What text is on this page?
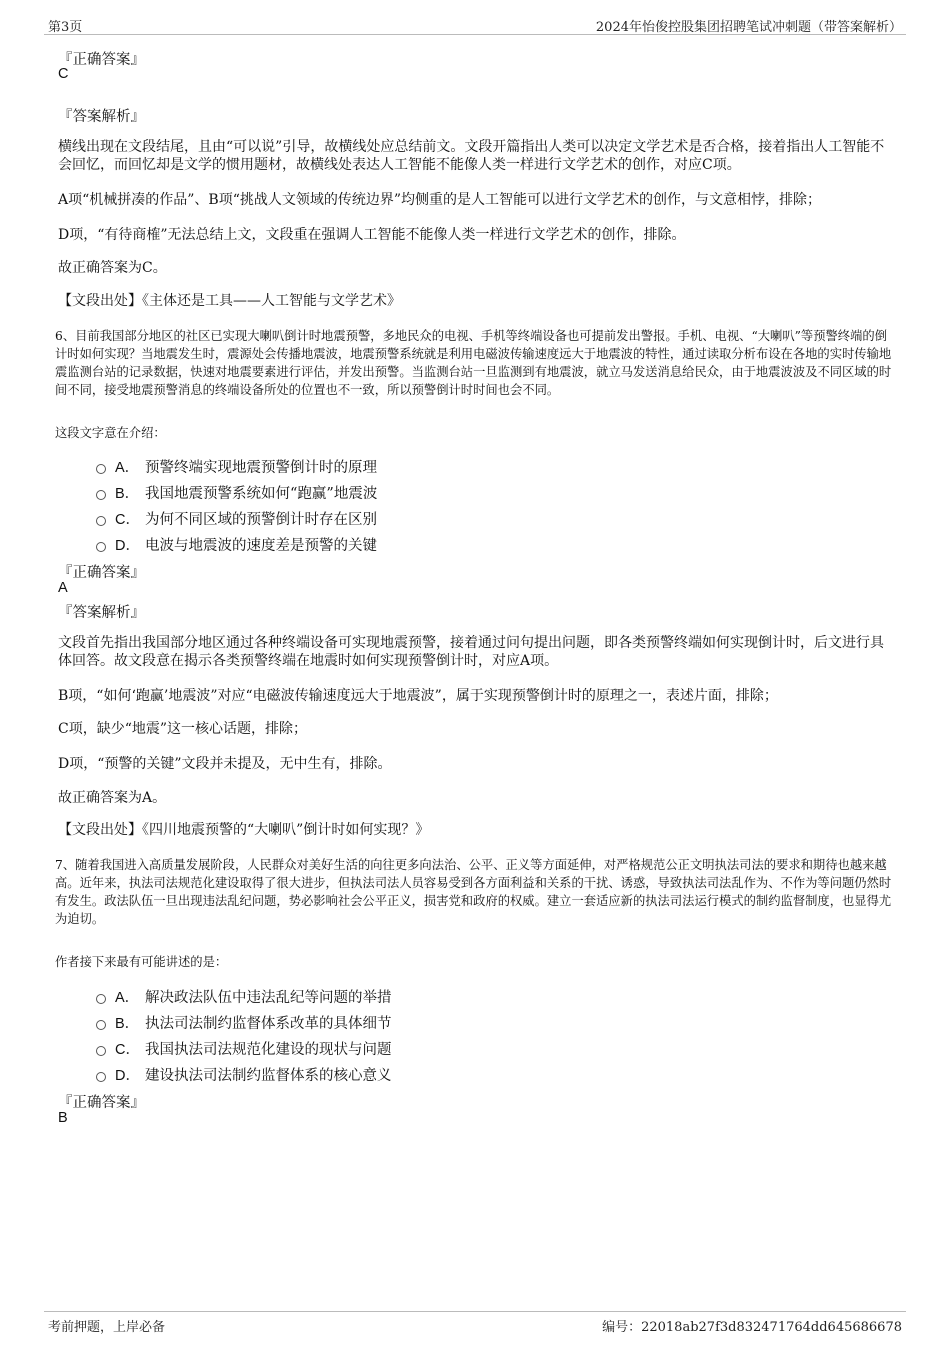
第3页	2024年怡俊控股集团招聘笔试冲刺题（带答案解析）
『正确答案』
C
『答案解析』
横线出现在文段结尾，且由“可以说”引导，故横线处应总结前文。文段开篇指出人类可以决定文学艺术是否合格，接着指出人工智能不会回忆，而回忆却是文学的惯用题材，故横线处表达人工智能不能像人类一样进行文学艺术的创作，对应C项。
A项“机械拼凑的作品”、B项“挑战人文领域的传统边界”均侧重的是人工智能可以进行文学艺术的创作，与文意相悖，排除；
D项，“有待商榷”无法总结上文，文段重在强调人工智能不能像人类一样进行文学艺术的创作，排除。
故正确答案为C。
【文段出处】《主体还是工具——人工智能与文学艺术》
6、目前我国部分地区的社区已实现大喇叭倒计时地震预警，多地民众的电视、手机等终端设备也可提前发出警报。手机、电视、“大喇叭”等预警终端的倒计时如何实现？当地震发生时，震源处会传播地震波，地震预警系统就是利用电磁波传输速度远大于地震波的特性，通过读取分析布设在各地的实时传输地震监测台站的记录数据，快速对地震要素进行评估，并发出预警。当监测台站一旦监测到有地震波，就立马发送消息给民众，由于地震波波及不同区域的时间不同，接受地震预警消息的终端设备所处的位置也不一致，所以预警倒计时时间也会不同。
这段文字意在介绍：
A． 预警终端实现地震预警倒计时的原理
B． 我国地震预警系统如何“跑赢”地震波
C． 为何不同区域的预警倒计时存在区别
D． 电波与地震波的速度差是预警的关键
『正确答案』
A
『答案解析』
文段首先指出我国部分地区通过各种终端设备可实现地震预警，接着通过问句提出问题，即各类预警终端如何实现倒计时，后文进行具体回答。故文段意在揭示各类预警终端在地震时如何实现预警倒计时，对应A项。
B项，“如何‘跑赢’地震波”对应“电磁波传输速度远大于地震波”，属于实现预警倒计时的原理之一，表述片面，排除；
C项，缺少“地震”这一核心话题，排除；
D项，“预警的关键”文段并未提及，无中生有，排除。
故正确答案为A。
【文段出处】《四川地震预警的“大喇叭”倒计时如何实现？》
7、随着我国进入高质量发展阶段，人民群众对美好生活的向往更多向法治、公平、正义等方面延伸，对严格规范公正文明执法司法的要求和期待也越来越高。近年来，执法司法规范化建设取得了很大进步，但执法司法人员容易受到各方面利益和关系的干扰、诱惑，导致执法司法乱作为、不作为等问题仍然时有发生。政法队伍一旦出现违法乱纪问题，势必影响社会公平正义，损害党和政府的权威。建立一套适应新的执法司法运行模式的制约监督制度，也显得尤为迫切。
作者接下来最有可能讲述的是：
A． 解决政法队伍中违法乱纪等问题的举措
B． 执法司法制约监督体系改革的具体细节
C． 我国执法司法规范化建设的现状与问题
D． 建设执法司法制约监督体系的核心意义
『正确答案』
B
考前押题，上岸必备	编号：22018ab27f3d832471764dd645686678
